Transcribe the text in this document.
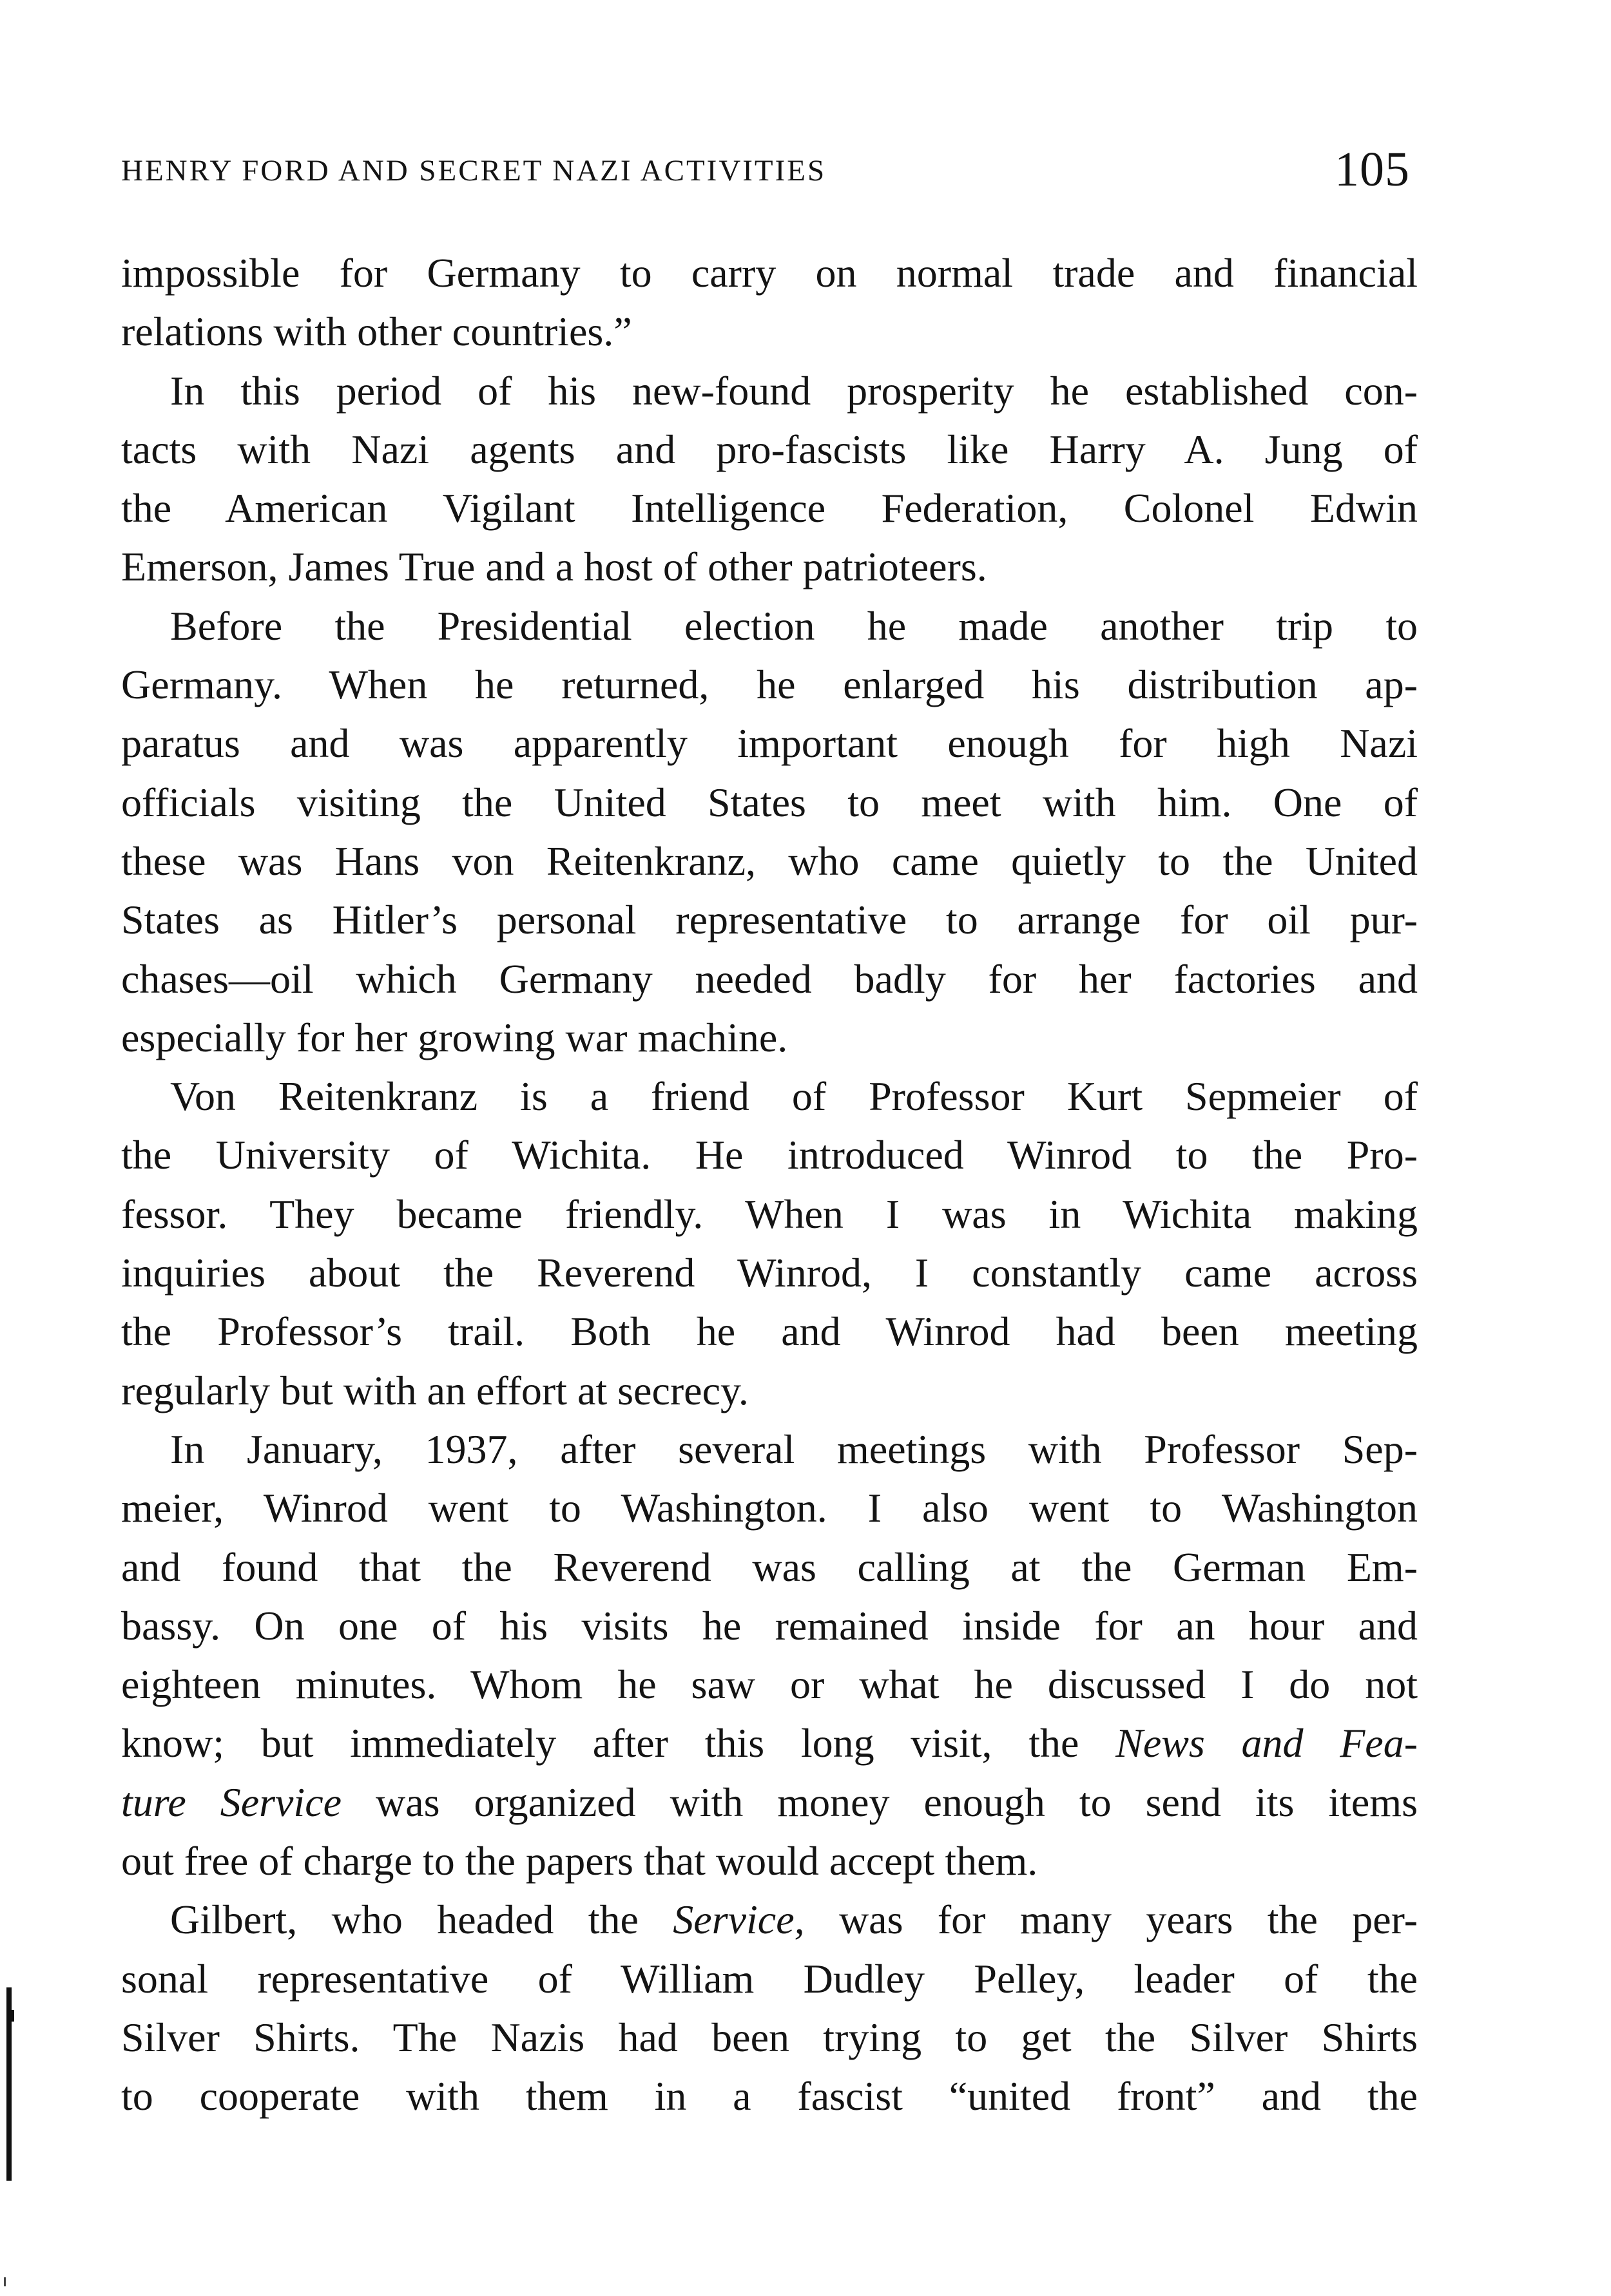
HENRY FORD AND SECRET NAZI ACTIVITIES	105
impossible for Germany to carry on normal trade and financial
relations with other countries.”
In this period of his new-found prosperity he established con-
tacts with Nazi agents and pro-fascists like Harry A. Jung of
the American Vigilant Intelligence Federation, Colonel Edwin
Emerson, James True and a host of other patrioteers.
Before the Presidential election he made another trip to
Germany. When he returned, he enlarged his distribution ap-
paratus and was apparently important enough for high Nazi
officials visiting the United States to meet with him. One of
these was Hans von Reitenkranz, who came quietly to the United
States as Hitler’s personal representative to arrange for oil pur-
chases—oil which Germany needed badly for her factories and
especially for her growing war machine.
Von Reitenkranz is a friend of Professor Kurt Sepmeier of
the University of Wichita. He introduced Winrod to the Pro-
fessor. They became friendly. When I was in Wichita making
inquiries about the Reverend Winrod, I constantly came across
the Professor’s trail. Both he and Winrod had been meeting
regularly but with an effort at secrecy.
In January, 1937, after several meetings with Professor Sep-
meier, Winrod went to Washington. I also went to Washington
and found that the Reverend was calling at the German Em-
bassy. On one of his visits he remained inside for an hour and
eighteen minutes. Whom he saw or what he discussed I do not
know; but immediately after this long visit, the News and Fea-
ture Service was organized with money enough to send its items
out free of charge to the papers that would accept them.
Gilbert, who headed the Service, was for many years the per-
sonal representative of William Dudley Pelley, leader of the
Silver Shirts. The Nazis had been trying to get the Silver Shirts
to cooperate with them in a fascist “united front” and the
